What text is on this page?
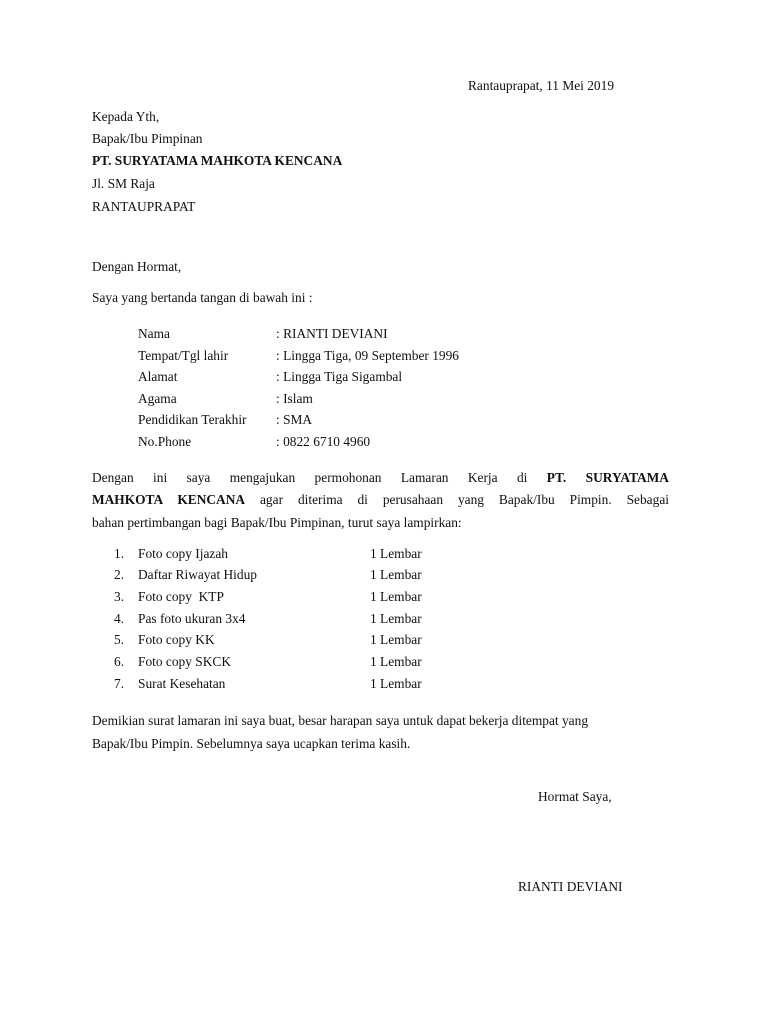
Rantauprapat, 11 Mei 2019
Kepada Yth,
Bapak/Ibu Pimpinan
PT. SURYATAMA MAHKOTA KENCANA
Jl. SM Raja
RANTAUPRAPAT
Dengan Hormat,
Saya yang bertanda tangan di bawah ini :
Nama	: RIANTI DEVIANI
Tempat/Tgl lahir	: Lingga Tiga, 09 September 1996
Alamat	: Lingga Tiga Sigambal
Agama	: Islam
Pendidikan Terakhir : SMA
No.Phone	: 0822 6710 4960
Dengan ini saya mengajukan permohonan Lamaran Kerja di PT. SURYATAMA
MAHKOTA KENCANA agar diterima di perusahaan yang Bapak/Ibu Pimpin. Sebagai
bahan pertimbangan bagi Bapak/Ibu Pimpinan, turut saya lampirkan:
1. Foto copy Ijazah	1 Lembar
2. Daftar Riwayat Hidup	1 Lembar
3. Foto copy  KTP	1 Lembar
4. Pas foto ukuran 3x4	1 Lembar
5. Foto copy KK	1 Lembar
6. Foto copy SKCK	1 Lembar
7. Surat Kesehatan	1 Lembar
Demikian surat lamaran ini saya buat, besar harapan saya untuk dapat bekerja ditempat yang
Bapak/Ibu Pimpin. Sebelumnya saya ucapkan terima kasih.
Hormat Saya,
RIANTI DEVIANI
